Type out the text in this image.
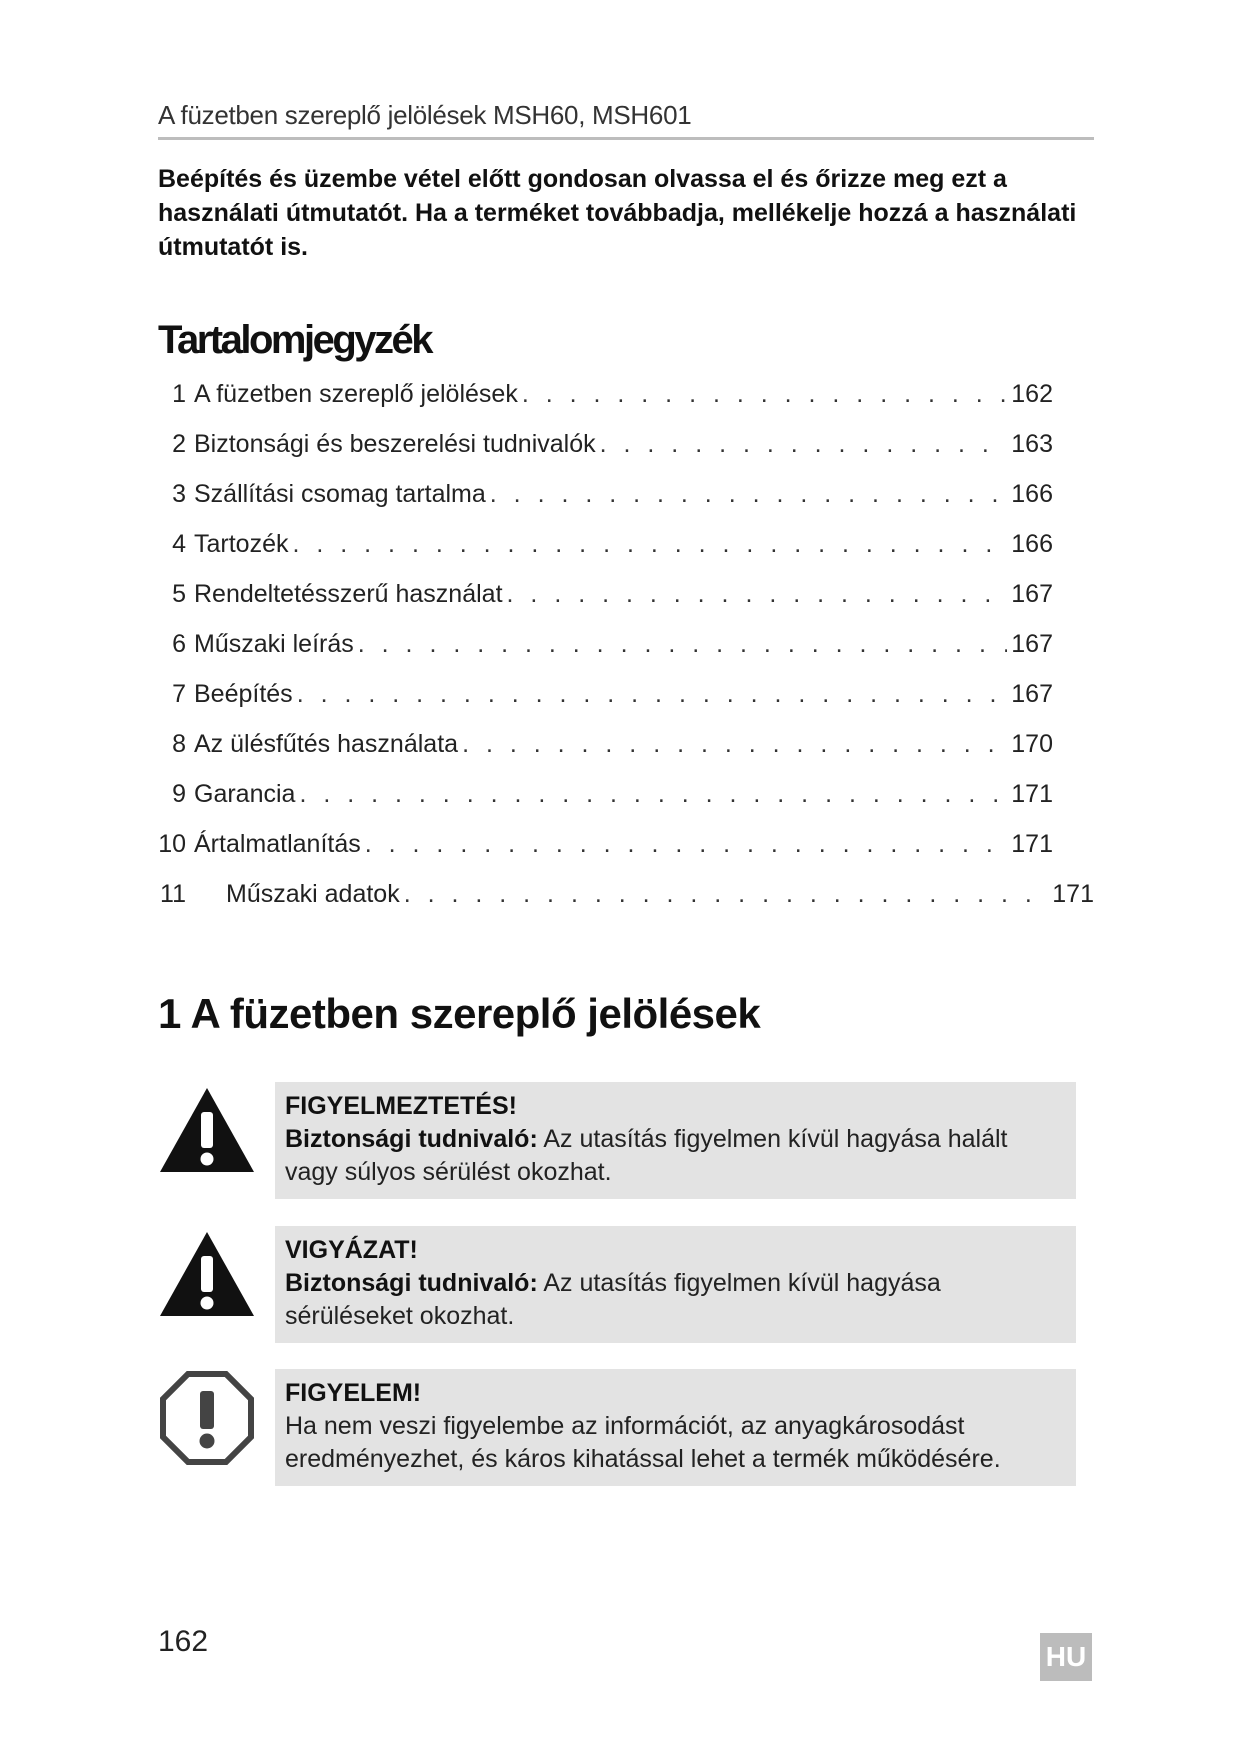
A füzetben szereplő jelölések MSH60, MSH601
Beépítés és üzembe vétel előtt gondosan olvassa el és őrizze meg ezt a használati útmutatót. Ha a terméket továbbadja, mellékelje hozzá a használati útmutatót is.
Tartalomjegyzék
1 A füzetben szereplő jelölések . . .	162
2 Biztonsági és beszerelési tudnivalók . . .	163
3 Szállítási csomag tartalma . . .	166
4 Tartozék . . .	166
5 Rendeltetésszerű használat . . .	167
6 Műszaki leírás . . .	167
7 Beépítés . . .	167
8 Az ülésfűtés használata . . .	170
9 Garancia . . .	171
10 Ártalmatlanítás . . .	171
11 Műszaki adatok . . .	171
1 A füzetben szereplő jelölések
FIGYELMEZTETÉS!
Biztonsági tudnivaló: Az utasítás figyelmen kívül hagyása halált vagy súlyos sérülést okozhat.
VIGYÁZAT!
Biztonsági tudnivaló: Az utasítás figyelmen kívül hagyása sérüléseket okozhat.
FIGYELEM!
Ha nem veszi figyelembe az információt, az anyagkárosodást eredményezhet, és káros kihatással lehet a termék működésére.
162	HU
